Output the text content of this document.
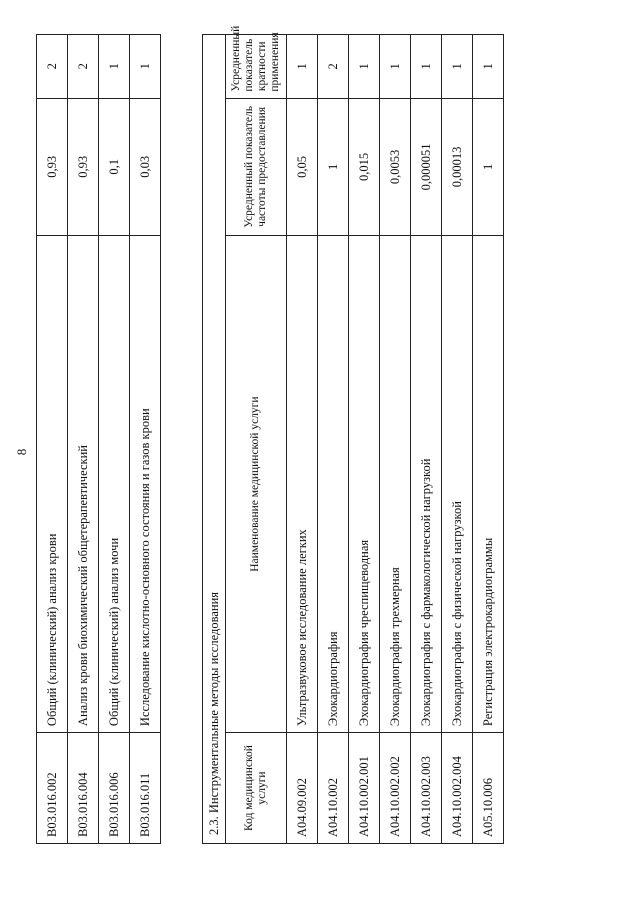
8
B03.016.002	Общий (клинический) анализ крови	0,93	2
B03.016.004	Анализ крови биохимический общетерапевтический	0,93	2
B03.016.006	Общий (клинический) анализ мочи	0,1	1
B03.016.011	Исследование кислотно-основного состояния и газов крови	0,03	1
2.3. Инструментальные методы исследования			
Код медицинской услуги	Наименование медицинской услуги	Усредненный показатель частоты предоставления	Усредненный показатель кратности применения
A04.09.002	Ультразвуковое исследование легких	0,05	1
A04.10.002	Эхокардиография	1	2
A04.10.002.001	Эхокардиография чреспищеводная	0,015	1
A04.10.002.002	Эхокардиография трехмерная	0,0053	1
A04.10.002.003	Эхокардиография с фармакологической нагрузкой	0,000051	1
A04.10.002.004	Эхокардиография с физической нагрузкой	0,00013	1
A05.10.006	Регистрация электрокардиограммы	1	1
